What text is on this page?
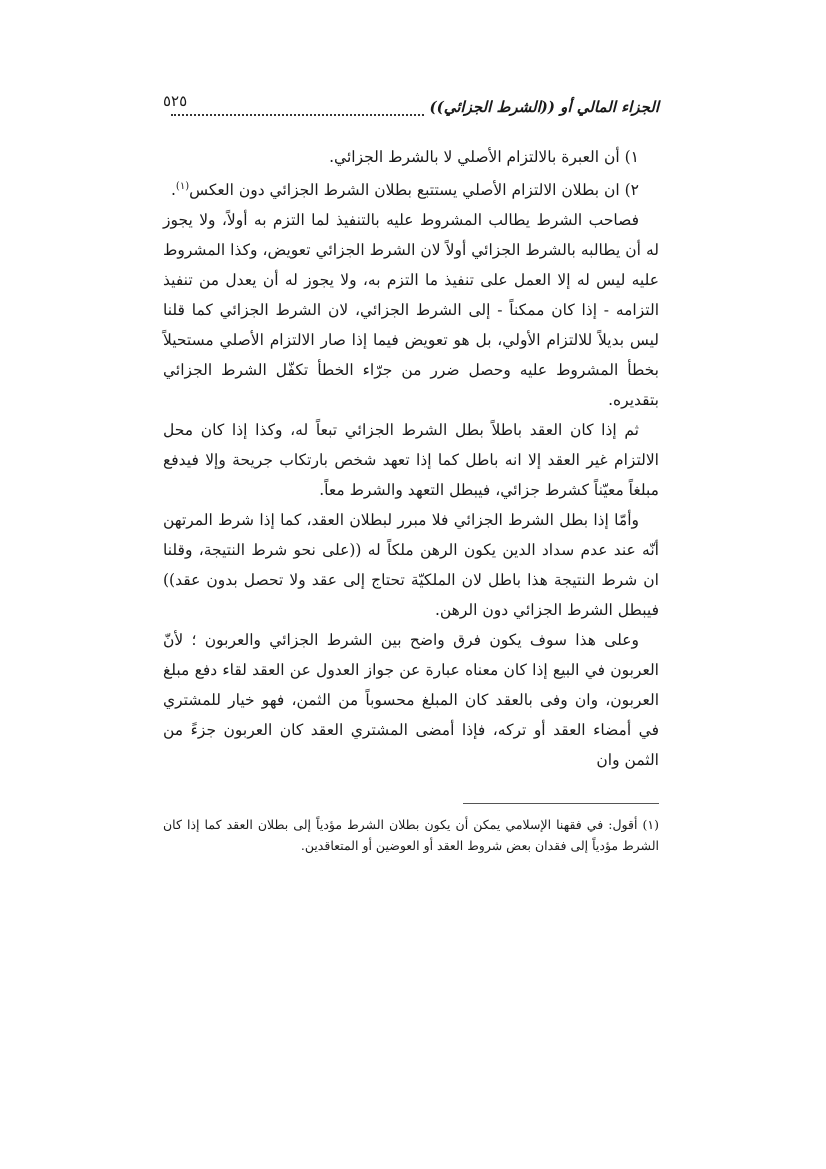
الجزاء المالي أو ((الشرط الجزائي))
٥٢٥

١) أن العبرة بالالتزام الأصلي لا بالشرط الجزائي.

٢) ان بطلان الالتزام الأصلي يستتبع بطلان الشرط الجزائي دون العكس$^{(١)}$.

فصاحب الشرط يطالب المشروط عليه بالتنفيذ لما التزم به أولاً، ولا يجوز له أن يطالبه بالشرط الجزائي أولاً لان الشرط الجزائي تعويض، وكذا المشروط عليه ليس له إلا العمل على تنفيذ ما التزم به، ولا يجوز له أن يعدل من تنفيذ التزامه - إذا كان ممكناً - إلى الشرط الجزائي، لان الشرط الجزائي كما قلنا ليس بديلاً للالتزام الأولي، بل هو تعويض فيما إذا صار الالتزام الأصلي مستحيلاً بخطأ المشروط عليه وحصل ضرر من جرّاء الخطأ تكفّل الشرط الجزائي بتقديره.

ثم إذا كان العقد باطلاً بطل الشرط الجزائي تبعاً له، وكذا إذا كان محل الالتزام غير العقد إلا انه باطل كما إذا تعهد شخص بارتكاب جريحة وإلا فيدفع مبلغاً معيّناً كشرط جزائي، فيبطل التعهد والشرط معاً.

وأمّا إذا بطل الشرط الجزائي فلا مبرر لبطلان العقد، كما إذا شرط المرتهن أنّه عند عدم سداد الدين يكون الرهن ملكاً له ((على نحو شرط النتيجة، وقلنا ان شرط النتيجة هذا باطل لان الملكيّة تحتاج إلى عقد ولا تحصل بدون عقد)) فيبطل الشرط الجزائي دون الرهن.

وعلى هذا سوف يكون فرق واضح بين الشرط الجزائي والعربون ؛ لأنّ العربون في البيع إذا كان معناه عبارة عن جواز العدول عن العقد لقاء دفع مبلغ العربون، وان وفى بالعقد كان المبلغ محسوباً من الثمن، فهو خيار للمشتري في أمضاء العقد أو تركه، فإذا أمضى المشتري العقد كان العربون جزءً من الثمن وان

(١) أقول: في فقهنا الإسلامي يمكن أن يكون بطلان الشرط مؤدياً إلى بطلان العقد كما إذا كان الشرط مؤدياً إلى فقدان بعض شروط العقد أو العوضين أو المتعاقدين.
